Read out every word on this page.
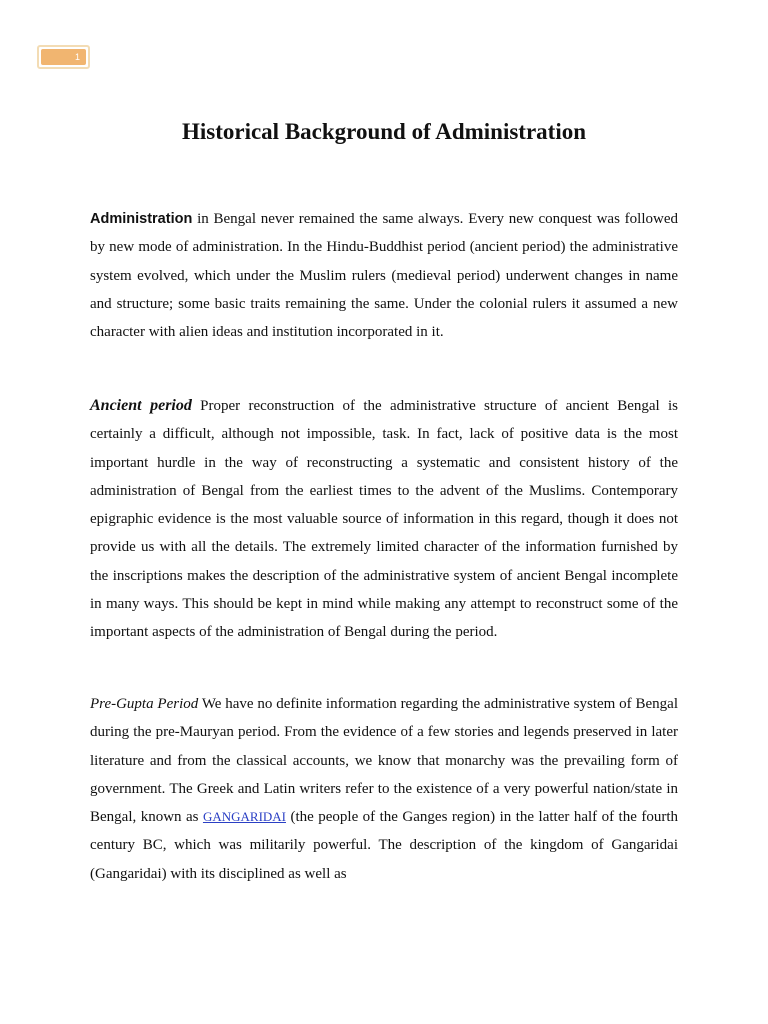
1
Historical Background of Administration

Administration in Bengal never remained the same always. Every new conquest was followed by new mode of administration. In the Hindu-Buddhist period (ancient period) the administrative system evolved, which under the Muslim rulers (medieval period) underwent changes in name and structure; some basic traits remaining the same. Under the colonial rulers it assumed a new character with alien ideas and institution incorporated in it.

Ancient period Proper reconstruction of the administrative structure of ancient Bengal is certainly a difficult, although not impossible, task. In fact, lack of positive data is the most important hurdle in the way of reconstructing a systematic and consistent history of the administration of Bengal from the earliest times to the advent of the Muslims. Contemporary epigraphic evidence is the most valuable source of information in this regard, though it does not provide us with all the details. The extremely limited character of the information furnished by the inscriptions makes the description of the administrative system of ancient Bengal incomplete in many ways. This should be kept in mind while making any attempt to reconstruct some of the important aspects of the administration of Bengal during the period.

Pre-Gupta Period We have no definite information regarding the administrative system of Bengal during the pre-Mauryan period. From the evidence of a few stories and legends preserved in later literature and from the classical accounts, we know that monarchy was the prevailing form of government. The Greek and Latin writers refer to the existence of a very powerful nation/state in Bengal, known as GANGARIDAI (the people of the Ganges region) in the latter half of the fourth century BC, which was militarily powerful. The description of the kingdom of Gangaridai (Gangaridai) with its disciplined as well as
